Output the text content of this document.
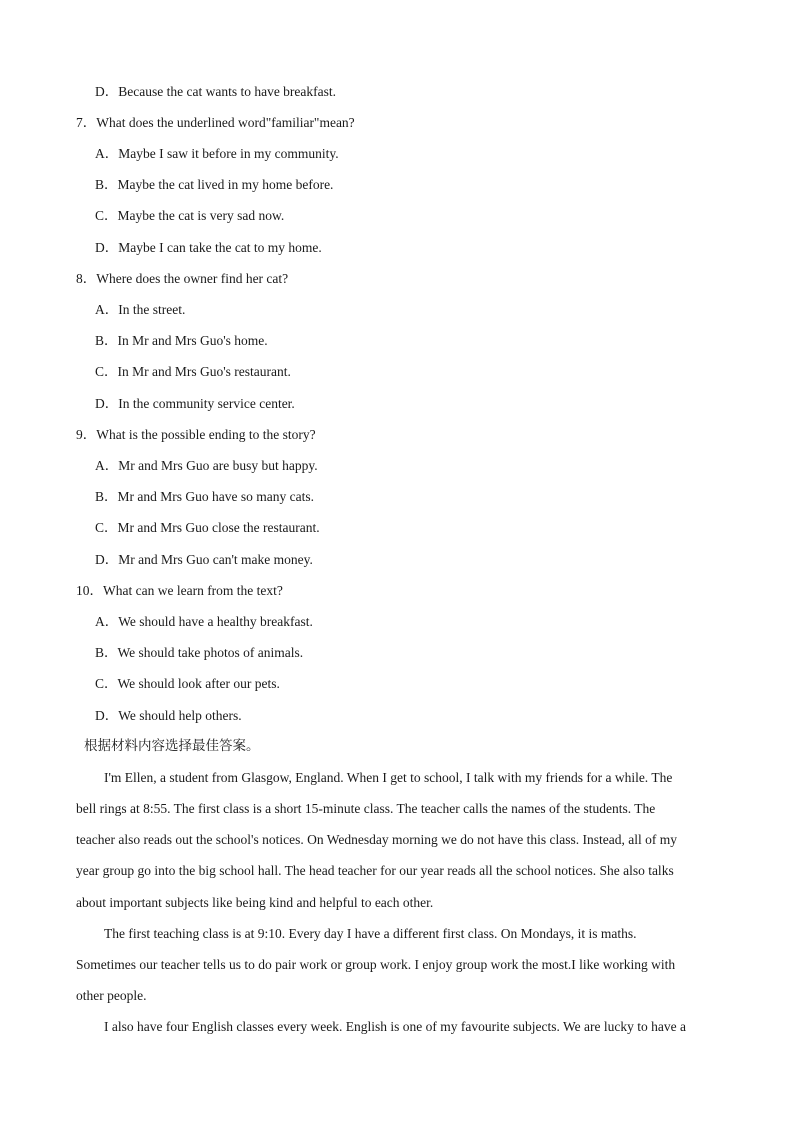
D．Because the cat wants to have breakfast.
7．What does the underlined word"familiar"mean?
A．Maybe I saw it before in my community.
B．Maybe the cat lived in my home before.
C．Maybe the cat is very sad now.
D．Maybe I can take the cat to my home.
8．Where does the owner find her cat?
A．In the street.
B．In Mr and Mrs Guo's home.
C．In Mr and Mrs Guo's restaurant.
D．In the community service center.
9．What is the possible ending to the story?
A．Mr and Mrs Guo are busy but happy.
B．Mr and Mrs Guo have so many cats.
C．Mr and Mrs Guo close the restaurant.
D．Mr and Mrs Guo can't make money.
10．What can we learn from the text?
A．We should have a healthy breakfast.
B．We should take photos of animals.
C．We should look after our pets.
D．We should help others.
根据材料内容选择最佳答案。
I'm Ellen, a student from Glasgow, England. When I get to school, I talk with my friends for a while. The
bell rings at 8:55. The first class is a short 15-minute class. The teacher calls the names of the students. The
teacher also reads out the school's notices. On Wednesday morning we do not have this class. Instead, all of my
year group go into the big school hall. The head teacher for our year reads all the school notices. She also talks
about important subjects like being kind and helpful to each other.
The first teaching class is at 9:10. Every day I have a different first class. On Mondays, it is maths.
Sometimes our teacher tells us to do pair work or group work. I enjoy group work the most.I like working with
other people.
I also have four English classes every week. English is one of my favourite subjects. We are lucky to have a
